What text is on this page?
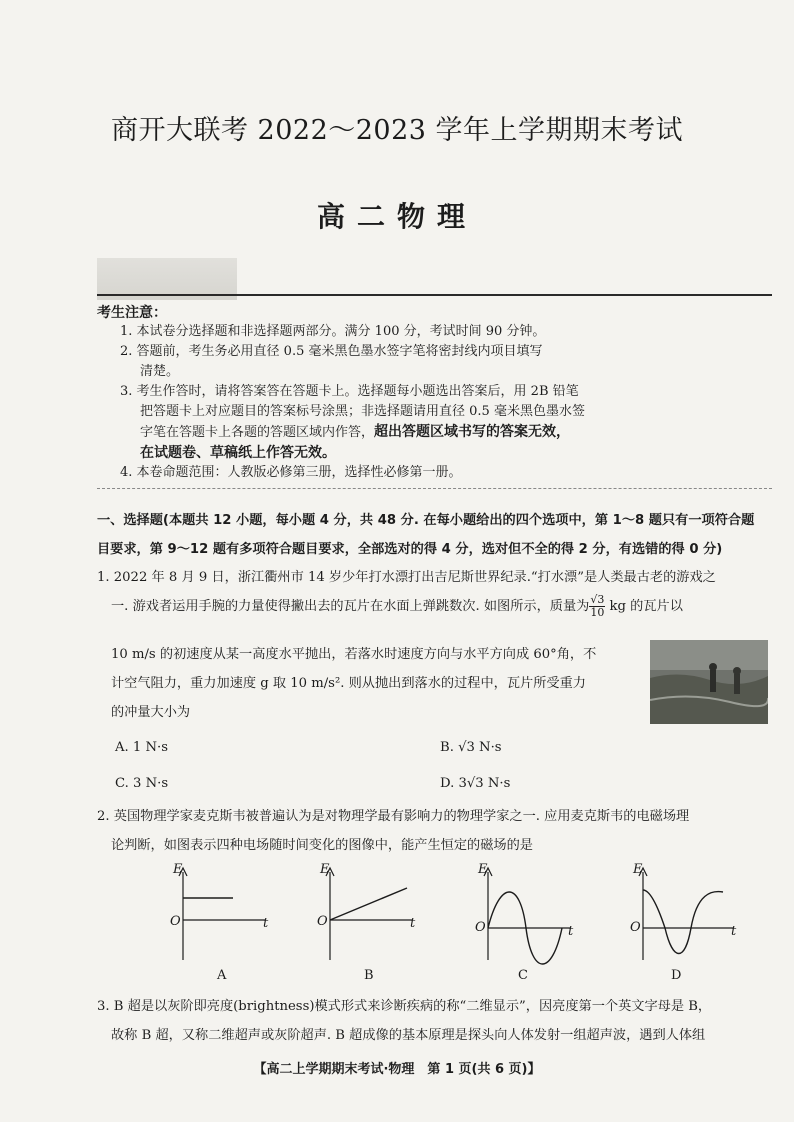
商开大联考 2022～2023 学年上学期期末考试
高二物理
考生注意：
1. 本试卷分选择题和非选择题两部分。满分 100 分，考试时间 90 分钟。
2. 答题前，考生务必用直径 0.5 毫米黑色墨水签字笔将密封线内项目填写
清楚。
3. 考生作答时，请将答案答在答题卡上。选择题每小题选出答案后，用 2B 铅笔
把答题卡上对应题目的答案标号涂黑；非选择题请用直径 0.5 毫米黑色墨水签
字笔在答题卡上各题的答题区域内作答，超出答题区域书写的答案无效，
在试题卷、草稿纸上作答无效。
4. 本卷命题范围：人教版必修第三册，选择性必修第一册。
一、选择题(本题共 12 小题，每小题 4 分，共 48 分. 在每小题给出的四个选项中，第 1～8 题只有一项符合题
目要求，第 9～12 题有多项符合题目要求，全部选对的得 4 分，选对但不全的得 2 分，有选错的得 0 分)
1. 2022 年 8 月 9 日，浙江衢州市 14 岁少年打水漂打出吉尼斯世界纪录.“打水漂”是人类最古老的游戏之
一. 游戏者运用手腕的力量使得撇出去的瓦片在水面上弹跳数次. 如图所示，质量为 $\frac{√3}{10}$ kg 的瓦片以
10 m/s 的初速度从某一高度水平抛出，若落水时速度方向与水平方向成 60°角，不
计空气阻力，重力加速度 g 取 10 m/s². 则从抛出到落水的过程中，瓦片所受重力
的冲量大小为
A. 1 N·s	B. √3 N·s
C. 3 N·s	D. 3√3 N·s
2. 英国物理学家麦克斯韦被普遍认为是对物理学最有影响力的物理学家之一. 应用麦克斯韦的电磁场理
论判断，如图表示四种电场随时间变化的图像中，能产生恒定的磁场的是
E
O	t
A
E
O	t
B
E
O	t
C
E
O	t
D
3. B 超是以灰阶即亮度(brightness)模式形式来诊断疾病的称“二维显示”，因亮度第一个英文字母是 B，
故称 B 超，又称二维超声或灰阶超声. B 超成像的基本原理是探头向人体发射一组超声波，遇到人体组
【高二上学期期末考试·物理　第 1 页(共 6 页)】
